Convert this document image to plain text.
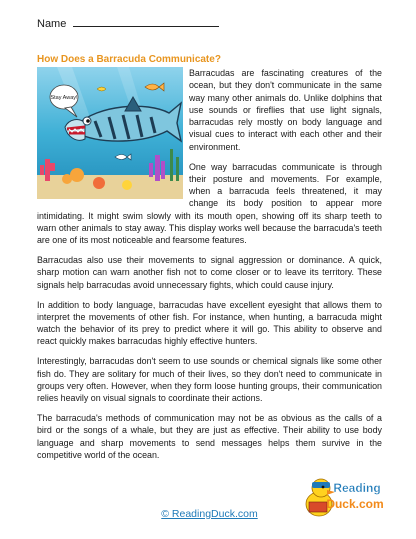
Name
How Does a Barracuda Communicate?
Stay Away!

Barracudas are fascinating creatures of the ocean, but they don't communicate in the same way many other animals do. Unlike dolphins that use sounds or fireflies that use light signals, barracudas rely mostly on body language and visual cues to interact with each other and their environment.

One way barracudas communicate is through their posture and movements. For example, when a barracuda feels threatened, it may change its body position to appear more intimidating. It might swim slowly with its mouth open, showing off its sharp teeth to warn other animals to stay away. This display works well because the barracuda's teeth are one of its most noticeable and fearsome features.

Barracudas also use their movements to signal aggression or dominance. A quick, sharp motion can warn another fish not to come closer or to leave its territory. These signals help barracudas avoid unnecessary fights, which could cause injury.

In addition to body language, barracudas have excellent eyesight that allows them to interpret the movements of other fish. For instance, when hunting, a barracuda might watch the behavior of its prey to predict where it will go. This ability to observe and react quickly makes barracudas highly effective hunters.

Interestingly, barracudas don't seem to use sounds or chemical signals like some other fish do. They are solitary for much of their lives, so they don't need to communicate in groups very often. However, when they form loose hunting groups, their communication relies heavily on visual signals to coordinate their actions.

The barracuda's methods of communication may not be as obvious as the calls of a bird or the songs of a whale, but they are just as effective. Their ability to use body language and sharp movements to send messages helps them survive in the competitive world of the ocean.

© ReadingDuck.com
Reading
Duck.com
